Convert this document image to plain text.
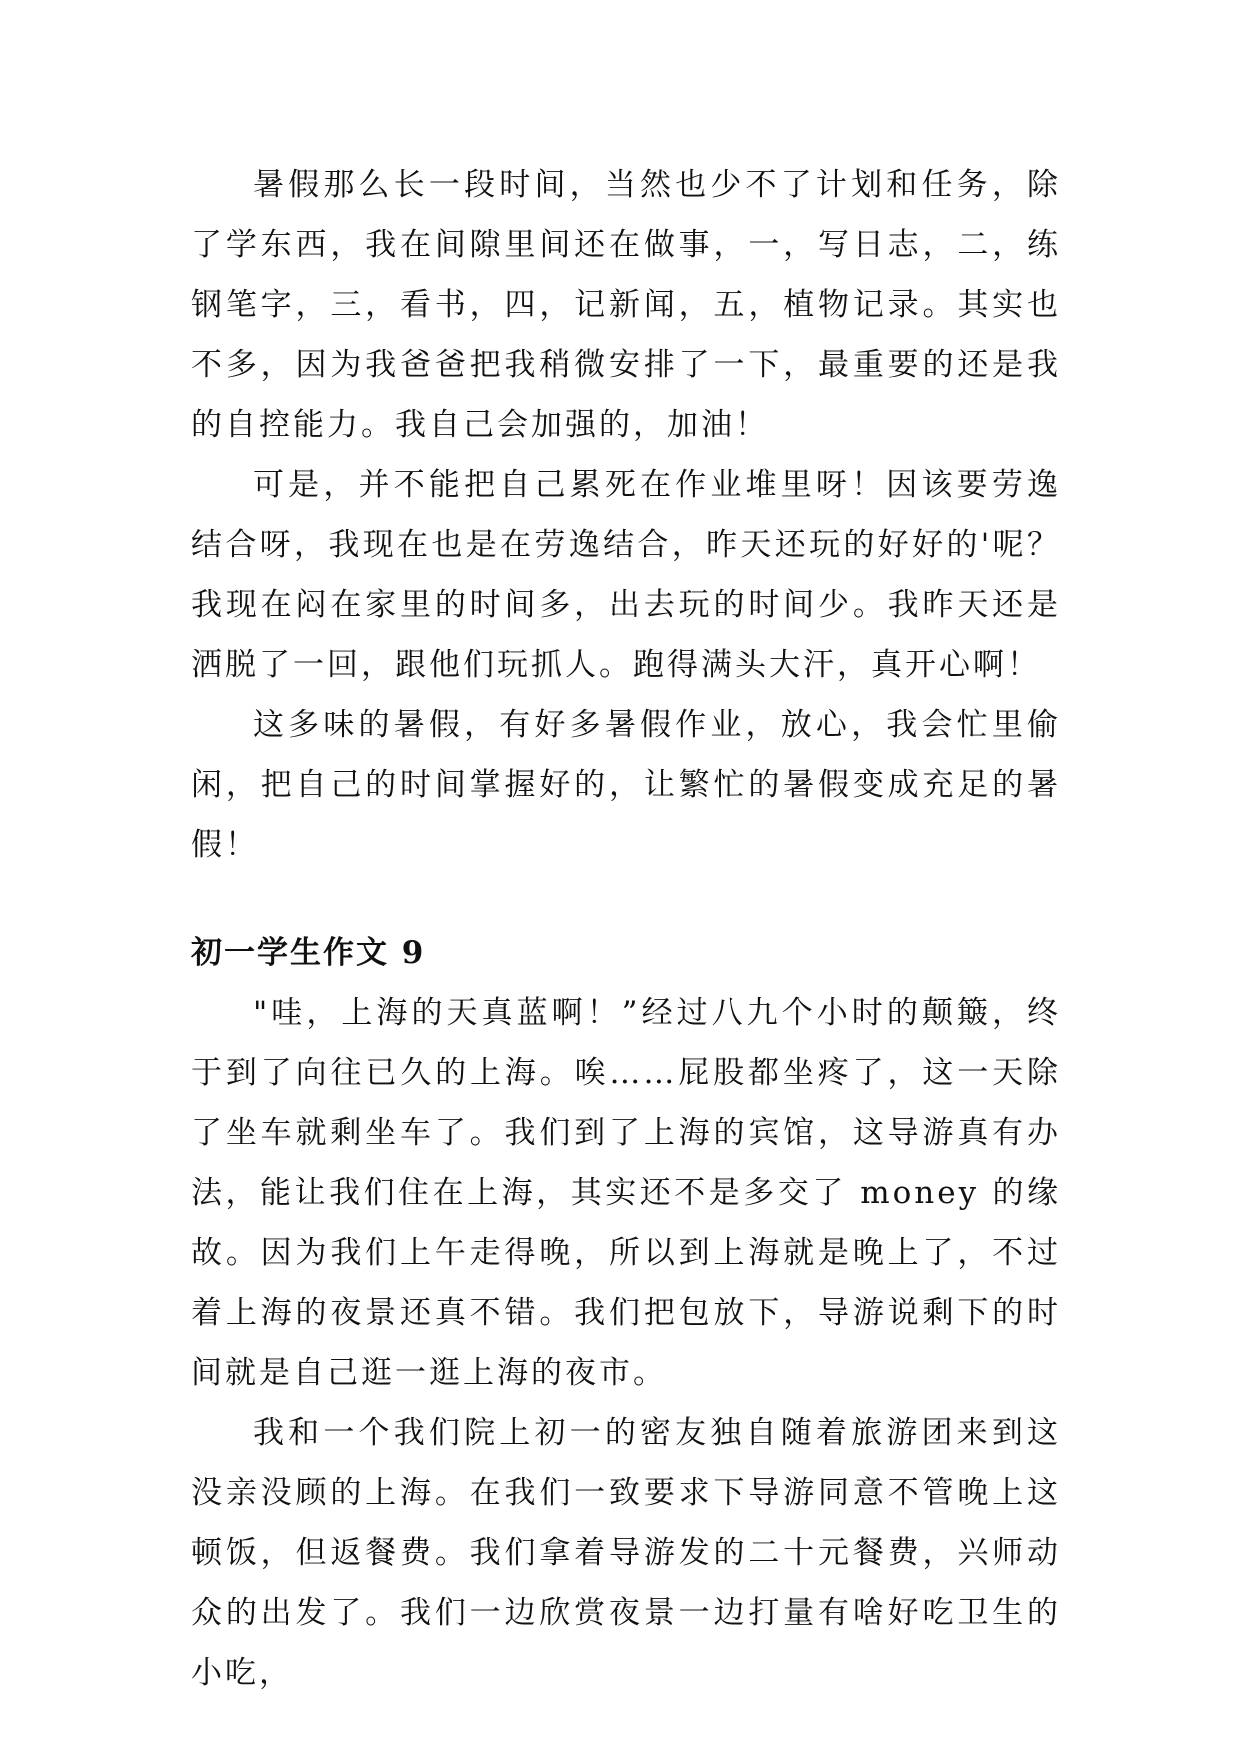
暑假那么长一段时间，当然也少不了计划和任务，除了学东西，我在间隙里间还在做事，一，写日志，二，练钢笔字，三，看书，四，记新闻，五，植物记录。其实也不多，因为我爸爸把我稍微安排了一下，最重要的还是我的自控能力。我自己会加强的，加油！

可是，并不能把自己累死在作业堆里呀！因该要劳逸结合呀，我现在也是在劳逸结合，昨天还玩的好好的'呢？我现在闷在家里的时间多，出去玩的时间少。我昨天还是洒脱了一回，跟他们玩抓人。跑得满头大汗，真开心啊！

这多味的暑假，有好多暑假作业，放心，我会忙里偷闲，把自己的时间掌握好的，让繁忙的暑假变成充足的暑假！

初一学生作文 9

"哇，上海的天真蓝啊！”经过八九个小时的颠簸，终于到了向往已久的上海。唉……屁股都坐疼了，这一天除了坐车就剩坐车了。我们到了上海的宾馆，这导游真有办法，能让我们住在上海，其实还不是多交了 money 的缘故。因为我们上午走得晚，所以到上海就是晚上了，不过着上海的夜景还真不错。我们把包放下，导游说剩下的时间就是自己逛一逛上海的夜市。

我和一个我们院上初一的密友独自随着旅游团来到这没亲没顾的上海。在我们一致要求下导游同意不管晚上这顿饭，但返餐费。我们拿着导游发的二十元餐费，兴师动众的出发了。我们一边欣赏夜景一边打量有啥好吃卫生的小吃，
